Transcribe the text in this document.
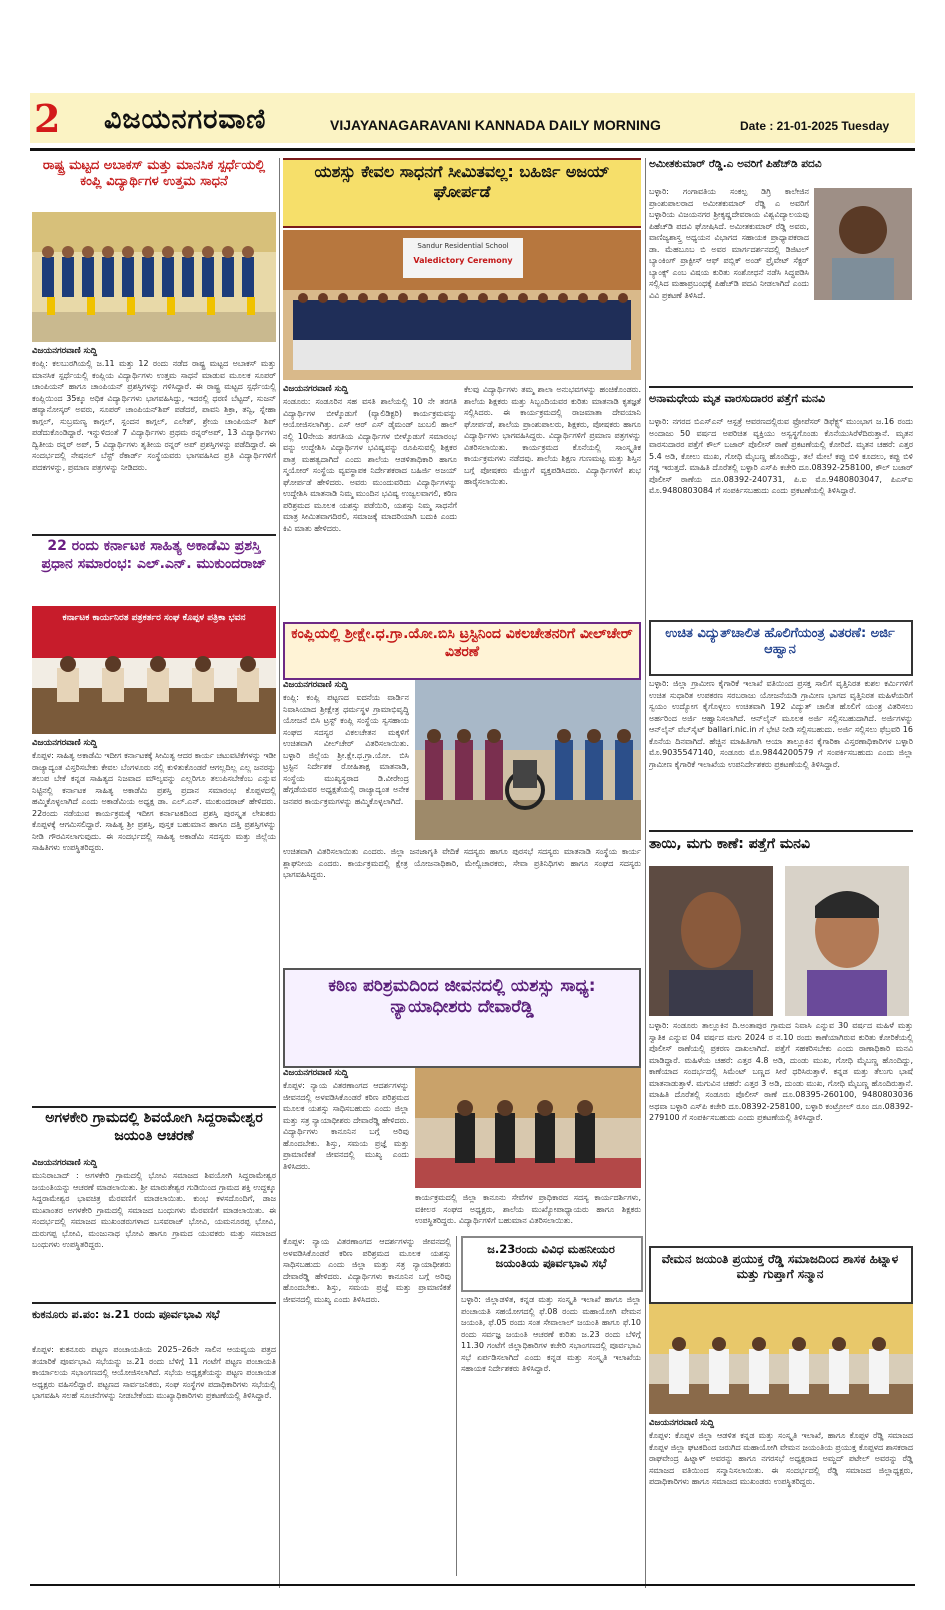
2 ವಿಜಯನಗರವಾಣಿ	VIJAYANAGARAVANI KANNADA DAILY MORNING	Date : 21-01-2025 Tuesday
ರಾಷ್ಟ್ರ ಮಟ್ಟದ ಅಬಾಕಸ್ ಮತ್ತು ಮಾನಸಿಕ ಸ್ಪರ್ಧೆಯಲ್ಲಿ ಕಂಪ್ಲಿ ವಿದ್ಯಾರ್ಥಿಗಳ ಉತ್ತಮ ಸಾಧನೆ
ವಿಜಯನಗರವಾಣಿ ಸುದ್ದಿ
ಕಂಪ್ಲಿ: ಕಲಬುರಗಿಯಲ್ಲಿ ಜ.11 ಮತ್ತು 12 ರಂದು ನಡೆದ ರಾಷ್ಟ್ರ ಮಟ್ಟದ ಅಬಾಕಸ್ ಮತ್ತು ಮಾನಸಿಕ ಸ್ಪರ್ಧೆಯಲ್ಲಿ ಕಂಪ್ಲಿಯ ವಿದ್ಯಾರ್ಥಿಗಳು ಉತ್ತಮ ಸಾಧನೆ ಮಾಡುವ ಮೂಲಕ ಸೂಪರ್ ಚಾಂಪಿಯನ್ ಹಾಗೂ ಚಾಂಪಿಯನ್ ಪ್ರಶಸ್ತಿಗಳನ್ನು ಗಳಿಸಿದ್ದಾರೆ. ಈ ರಾಷ್ಟ್ರ ಮಟ್ಟದ ಸ್ಪರ್ಧೆಯಲ್ಲಿ ಕಂಪ್ಲಿಯಿಂದ 35ಕ್ಕೂ ಅಧಿಕ ವಿದ್ಯಾರ್ಥಿಗಳು ಭಾಗವಹಿಸಿದ್ದು, ಇದರಲ್ಲಿ ಧರಣಿ ಬೆಟ್ಟದ್, ಸುಜನ್ ಹವ್ಯಾನೋಸ್ಕರ್ ಅವರು, ಸೂಪರ್ ಚಾಂಪಿಯನ್‌ಶಿಪ್ ಪಡೆದರೆ, ಪಾವನಿ ಶಿಕ್ರಾ, ತನ್ವಿ, ಸ್ನೇಹಾ ಕಾಗ್ಗಲ್, ಸುಬ್ರಮಣ್ಯ ಕಾಗ್ಗಲ್, ಸ್ಪಂದನ ಕಾಗ್ಗಲ್, ಎಲೇಶ್, ಶ್ರೇಯ ಚಾಂಪಿಯನ್ ಶಿಪ್ ಪಡೆದುಕೊಂಡಿದ್ದಾರೆ. ಇನ್ನುಳಿದಂತೆ 7 ವಿದ್ಯಾರ್ಥಿಗಳು ಪ್ರಥಮ ರನ್ನರ್‌ಅಪ್, 13 ವಿದ್ಯಾರ್ಥಿಗಳು ದ್ವಿತೀಯ ರನ್ನರ್ ಅಪ್, 5 ವಿದ್ಯಾರ್ಥಿಗಳು ತೃತೀಯ ರನ್ನರ್ ಅಪ್ ಪ್ರಶಸ್ತಿಗಳನ್ನು ಪಡೆದಿದ್ದಾರೆ. ಈ ಸಂದರ್ಭದಲ್ಲಿ ನೇಷನಲ್ ಬೆಸ್ಟ್ ರೆಕಾರ್ಡ್ ಸಂಸ್ಥೆಯವರು ಭಾಗವಹಿಸಿದ ಪ್ರತಿ ವಿದ್ಯಾರ್ಥಿಗಳಿಗೆ ಪದಕಗಳನ್ನು, ಪ್ರಮಾಣ ಪತ್ರಗಳನ್ನು ನೀಡಿದರು.
22 ರಂದು ಕರ್ನಾಟಕ ಸಾಹಿತ್ಯ ಅಕಾಡೆಮಿ ಪ್ರಶಸ್ತಿ ಪ್ರಧಾನ ಸಮಾರಂಭ: ಎಲ್.ಎನ್. ಮುಕುಂದರಾಜ್
ಕರ್ನಾಟಕ ಕಾರ್ಯನಿರತ ಪತ್ರಕರ್ತರ ಸಂಘ ಕೊಪ್ಪಳ ಪತ್ರಿಕಾ ಭವನ
ವಿಜಯನಗರವಾಣಿ ಸುದ್ದಿ
ಕೊಪ್ಪಳ: ಸಾಹಿತ್ಯ ಅಕಾಡೆಮಿ ಇದೀಗ ಕರ್ನಾಟಕಕ್ಕೆ ಸೀಮಿತ್ಯ ಆದರ ಕಾರ್ಯ ಚಟುವಟಿಕೆಗಳನ್ನು ಇಡೀ ರಾಜ್ಯಾದ್ಯಂತ ವಿಸ್ತರಿಸಬೇಕು ಕೇವಲ ಬೆಂಗಳೂರು ನಲ್ಲಿ ಕುಳಿತುಕೊಂಡರೆ ಆಗಲ್ಲದಿಲ್ಲ ಎಲ್ಲ ಜನರನ್ನು ತಲುಪ ಬೇಕೆ ಕನ್ನಡ ಸಾಹಿತ್ಯದ ನಿಜವಾದ ಮೌಲ್ಯವನ್ನು ಎಲ್ಲರಿಗೂ ತಲುಪಿಸಬೇಕೆಂಬ ಎನ್ನುವ ನಿಟ್ಟಿನಲ್ಲಿ ಕರ್ನಾಟಕ ಸಾಹಿತ್ಯ ಅಕಾಡೆಮಿ ಪ್ರಶಸ್ತಿ ಪ್ರದಾನ ಸಮಾರಂಭ ಕೊಪ್ಪಳದಲ್ಲಿ ಹಮ್ಮಿಕೊಳ್ಳಲಾಗಿದೆ ಎಂದು ಅಕಾಡೆಮಿಯ ಅಧ್ಯಕ್ಷ ಡಾ. ಎಲ್.ಎನ್. ಮುಕುಂದರಾಜ್ ಹೇಳಿದರು. 22ರಂದು ನಡೆಯುವ ಕಾರ್ಯಕ್ರಮಕ್ಕೆ ಇದೀಗ ಕರ್ನಾಟಕದಿಂದ ಪ್ರಶಸ್ತಿ ಪುರಸ್ಕೃತ ಲೇಖಕರು ಕೊಪ್ಪಳಕ್ಕೆ ಆಗಮಿಸಲಿದ್ದಾರೆ. ಸಾಹಿತ್ಯ ಶ್ರೀ ಪ್ರಶಸ್ತಿ, ಪುಸ್ತಕ ಬಹುಮಾನ ಹಾಗೂ ದತ್ತಿ ಪ್ರಶಸ್ತಿಗಳನ್ನು ನೀಡಿ ಗೌರವಿಸಲಾಗುವುದು. ಈ ಸಂದರ್ಭದಲ್ಲಿ ಸಾಹಿತ್ಯ ಅಕಾಡೆಮಿ ಸದಸ್ಯರು ಮತ್ತು ಜಿಲ್ಲೆಯ ಸಾಹಿತಿಗಳು ಉಪಸ್ಥಿತರಿದ್ದರು.
ಅಗಳಕೇರಿ ಗ್ರಾಮದಲ್ಲಿ ಶಿವಯೋಗಿ ಸಿದ್ದರಾಮೇಶ್ವರ ಜಯಂತಿ ಆಚರಣೆ
ವಿಜಯನಗರವಾಣಿ ಸುದ್ದಿ
ಮುನಿರಾಬಾದ್ : ಅಗಳಕೇರಿ ಗ್ರಾಮದಲ್ಲಿ ಭೋವಿ ಸಮಾಜದ ಶಿವಯೋಗಿ ಸಿದ್ದರಾಮೇಶ್ವರ ಜಯಂತಿಯನ್ನು ಆಚರಣೆ ಮಾಡಲಾಯಿತು. ಶ್ರೀ ಮಾರುತೇಶ್ವರ ಗುಡಿಯಿಂದ ಗ್ರಾಮದ ಶಕ್ತಿ ಉದ್ದಕ್ಕೂ ಸಿದ್ದರಾಮೇಶ್ವರ ಭಾವಚಿತ್ರ ಮೆರವಣಿಗೆ ಮಾಡಲಾಯಿತು. ಕುಂಭ ಕಳಸದೊಂದಿಗೆ, ಡಾಜ ಮುಖಾಂತರ ಅಗಳಕೇರಿ ಗ್ರಾಮದಲ್ಲಿ ಸಮಾಜದ ಬಂಧುಗಳು ಮೆರವಣಿಗೆ ಮಾಡಲಾಯಿತು. ಈ ಸಂದರ್ಭದಲ್ಲಿ ಸಮಾಜದ ಮುಖಂಡರುಗಳಾದ ಬಸವರಾಜ್ ಭೋವಿ, ಯಮನೂರಪ್ಪ ಭೋವಿ, ದುರುಗಪ್ಪ ಭೋವಿ, ಮಂಜುನಾಥ ಭೋವಿ ಹಾಗೂ ಗ್ರಾಮದ ಯುವಕರು ಮತ್ತು ಸಮಾಜದ ಬಂಧುಗಳು ಉಪಸ್ಥಿತರಿದ್ದರು.
ಕುಕನೂರು ಪ.ಪಂ: ಜ.21 ರಂದು ಪೂರ್ವಭಾವಿ ಸಭೆ
ಕೊಪ್ಪಳ: ಕುಕನೂರು ಪಟ್ಟಣ ಪಂಚಾಯತಿಯ 2025–26ನೇ ಸಾಲಿನ ಆಯವ್ಯಯ ಪತ್ರದ ತಯಾರಿಕೆ ಪೂರ್ವಭಾವಿ ಸಭೆಯನ್ನು ಜ.21 ರಂದು ಬೆಳಿಗ್ಗೆ 11 ಗಂಟೆಗೆ ಪಟ್ಟಣ ಪಂಚಾಯತಿ ಕಾರ್ಯಾಲಯ ಸಭಾಂಗಣದಲ್ಲಿ ಆಯೋಜಿಸಲಾಗಿದೆ. ಸಭೆಯ ಅಧ್ಯಕ್ಷತೆಯನ್ನು ಪಟ್ಟಣ ಪಂಚಾಯತ ಅಧ್ಯಕ್ಷರು ವಹಿಸಲಿದ್ದಾರೆ. ಪಟ್ಟಣದ ಸಾರ್ವಜನಿಕರು, ಸಂಘ ಸಂಸ್ಥೆಗಳ ಪದಾಧಿಕಾರಿಗಳು ಸಭೆಯಲ್ಲಿ ಭಾಗವಹಿಸಿ ಸಲಹೆ ಸೂಚನೆಗಳನ್ನು ನೀಡಬೇಕೆಂದು ಮುಖ್ಯಾಧಿಕಾರಿಗಳು ಪ್ರಕಟಣೆಯಲ್ಲಿ ತಿಳಿಸಿದ್ದಾರೆ.
ಯಶಸ್ಸು ಕೇವಲ ಸಾಧನಗೆ ಸೀಮಿತವಲ್ಲ: ಬಹಿರ್ಜಿ ಅಜಯ್ ಘೋರ್ಪಡೆ
Sandur Residential School
Valedictory Ceremony
ವಿಜಯನಗರವಾಣಿ ಸುದ್ದಿ
ಸಂಡೂರು: ಸಂಡೂರಿನ ಸಹ ವಸತಿ ಶಾಲೆಯಲ್ಲಿ 10 ನೇ ತರಗತಿ ವಿದ್ಯಾರ್ಥಿಗಳ ಬೀಳ್ಕೊಡುಗೆ (ವ್ಯಾಲಿಡಿಕ್ಟರಿ) ಕಾರ್ಯಕ್ರಮವನ್ನು ಆಯೋಜಿಸಲಾಗಿತ್ತು. ಎಸ್ ಆರ್ ಎಸ್ ಡೈಮಂಡ್ ಜುಬಲಿ ಹಾಲ್ ನಲ್ಲಿ 10ನೇಯ ತರಗತಿಯ ವಿದ್ಯಾರ್ಥಿಗಳ ಬೀಳ್ಕೊಡುಗೆ ಸಮಾರಂಭ ವನ್ನು ಉದ್ದೇಶಿಸಿ ವಿದ್ಯಾರ್ಥಿಗಳ ಭವಿಷ್ಯವನ್ನು ರೂಪಿಸುವಲ್ಲಿ ಶಿಕ್ಷಕರ ಪಾತ್ರ ಮಹತ್ವದಾಗಿದೆ ಎಂದು ಶಾಲೆಯ ಆಡಳಿತಾಧಿಕಾರಿ ಹಾಗೂ ಸ್ಮಯೋರ್ ಸಂಸ್ಥೆಯ ವ್ಯವಸ್ಥಾಪಕ ನಿರ್ದೇಶಕರಾದ ಬಹಿರ್ಜಿ ಅಜಯ್ ಘೋರ್ಪಡೆ ಹೇಳಿದರು. ಅವರು ಮುಂದುವರಿದು ವಿದ್ಯಾರ್ಥಿಗಳನ್ನು ಉದ್ದೇಶಿಸಿ ಮಾತನಾಡಿ ನಿಮ್ಮ ಮುಂದಿನ ಭವಿಷ್ಯ ಉಜ್ವಲವಾಗಲಿ, ಕಠಿಣ ಪರಿಶ್ರಮದ ಮೂಲಕ ಯಶಸ್ಸು ಪಡೆಯಿರಿ, ಯಶಸ್ಸು ನಿಮ್ಮ ಸಾಧನೆಗೆ ಮಾತ್ರ ಸೀಮಿತವಾಗದಿರಲಿ, ಸಮಾಜಕ್ಕೆ ಮಾದರಿಯಾಗಿ ಬದುಕಿ ಎಂದು ಕಿವಿ ಮಾತು ಹೇಳಿದರು.
ಕೆಲವು ವಿದ್ಯಾರ್ಥಿಗಳು ತಮ್ಮ ಶಾಲಾ ಅನುಭವಗಳನ್ನು ಹಂಚಿಕೊಂಡರು. ಶಾಲೆಯ ಶಿಕ್ಷಕರು ಮತ್ತು ಸಿಬ್ಬಂದಿಯವರ ಕುರಿತು ಮಾತನಾಡಿ ಕೃತಜ್ಞತೆ ಸಲ್ಲಿಸಿದರು. ಈ ಕಾರ್ಯಕ್ರಮದಲ್ಲಿ ರಾಜಮಾತಾ ದೇವಯಾನಿ ಘೋರ್ಪಡೆ, ಶಾಲೆಯ ಪ್ರಾಂಶುಪಾಲರು, ಶಿಕ್ಷಕರು, ಪೋಷಕರು ಹಾಗೂ ವಿದ್ಯಾರ್ಥಿಗಳು ಭಾಗವಹಿಸಿದ್ದರು. ವಿದ್ಯಾರ್ಥಿಗಳಿಗೆ ಪ್ರಮಾಣ ಪತ್ರಗಳನ್ನು ವಿತರಿಸಲಾಯಿತು. ಕಾರ್ಯಕ್ರಮದ ಕೊನೆಯಲ್ಲಿ ಸಾಂಸ್ಕೃತಿಕ ಕಾರ್ಯಕ್ರಮಗಳು ನಡೆದವು. ಶಾಲೆಯ ಶಿಕ್ಷಣ ಗುಣಮಟ್ಟ ಮತ್ತು ಶಿಸ್ತಿನ ಬಗ್ಗೆ ಪೋಷಕರು ಮೆಚ್ಚುಗೆ ವ್ಯಕ್ತಪಡಿಸಿದರು. ವಿದ್ಯಾರ್ಥಿಗಳಿಗೆ ಶುಭ ಹಾರೈಸಲಾಯಿತು.
ಕಂಪ್ಲಿಯಲ್ಲಿ ಶ್ರೀಕ್ಷೇ.ಧ.ಗ್ರಾ.ಯೋ.ಬಿಸಿ ಟ್ರಸ್ಟಿನಿಂದ ವಿಕಲಚೇತನರಿಗೆ ವೀಲ್‌ಚೇರ್ ವಿತರಣೆ
ವಿಜಯನಗರವಾಣಿ ಸುದ್ದಿ
ಕಂಪ್ಲಿ: ಕಂಪ್ಲಿ ಪಟ್ಟಣದ ಐದನೆಯ ವಾರ್ಡಿನ ನಿವಾಸಿಯಾದ ಶ್ರೀಕ್ಷೇತ್ರ ಧರ್ಮಸ್ಥಳ ಗ್ರಾಮಾಭಿವೃದ್ಧಿ ಯೋಜನೆ ಬಿಸಿ ಟ್ರಸ್ಟ್ ಕಂಪ್ಲಿ ಸಂಸ್ಥೆಯ ಸ್ವಸಹಾಯ ಸಂಘದ ಸದಸ್ಯರ ವಿಕಲಚೇತನ ಮಕ್ಕಳಿಗೆ ಉಚಿತವಾಗಿ ವೀಲ್‌ಚೇರ್ ವಿತರಿಸಲಾಯಿತು. ಬಳ್ಳಾರಿ ಜಿಲ್ಲೆಯ ಶ್ರೀ.ಕ್ಷೇ.ಧ.ಗ್ರಾ.ಯೋ. ಬಿಸಿ ಟ್ರಸ್ಟಿನ ನಿರ್ದೇಶಕ ರೋಹಿತಾಕ್ಷ ಮಾತನಾಡಿ, ಸಂಸ್ಥೆಯ ಮುಖ್ಯಸ್ಥರಾದ ಡಿ.ವೀರೇಂದ್ರ ಹೆಗ್ಗಡೆಯವರ ಅಧ್ಯಕ್ಷತೆಯಲ್ಲಿ ರಾಜ್ಯಾದ್ಯಂತ ಅನೇಕ ಜನಪರ ಕಾರ್ಯಕ್ರಮಗಳನ್ನು ಹಮ್ಮಿಕೊಳ್ಳಲಾಗಿದೆ.
ಉಚಿತವಾಗಿ ವಿತರಿಸಲಾಯಿತು ಎಂದರು. ಜಿಲ್ಲಾ ಜನಜಾಗೃತಿ ವೇದಿಕೆ ಸದಸ್ಯರು ಹಾಗೂ ಪುರಸಭೆ ಸದಸ್ಯರು ಮಾತನಾಡಿ ಸಂಸ್ಥೆಯ ಕಾರ್ಯ ಶ್ಲಾಘನೀಯ ಎಂದರು. ಕಾರ್ಯಕ್ರಮದಲ್ಲಿ ಕ್ಷೇತ್ರ ಯೋಜನಾಧಿಕಾರಿ, ಮೇಲ್ವಿಚಾರಕರು, ಸೇವಾ ಪ್ರತಿನಿಧಿಗಳು ಹಾಗೂ ಸಂಘದ ಸದಸ್ಯರು ಭಾಗವಹಿಸಿದ್ದರು.
ಕಠಿಣ ಪರಿಶ್ರಮದಿಂದ ಜೀವನದಲ್ಲಿ ಯಶಸ್ಸು ಸಾಧ್ಯ: ನ್ಯಾಯಾಧೀಶರು ದೇವಾರೆಡ್ಡಿ
ವಿಜಯನಗರವಾಣಿ ಸುದ್ದಿ
ಕೊಪ್ಪಳ: ನ್ಯಾಯ ವಿತರಣಾಂಗದ ಆದರ್ಶಗಳನ್ನು ಜೀವನದಲ್ಲಿ ಅಳವಡಿಸಿಕೊಂಡರೆ ಕಠಿಣ ಪರಿಶ್ರಮದ ಮೂಲಕ ಯಶಸ್ಸು ಸಾಧಿಸಬಹುದು ಎಂದು ಜಿಲ್ಲಾ ಮತ್ತು ಸತ್ರ ನ್ಯಾಯಾಧೀಶರು ದೇವಾರೆಡ್ಡಿ ಹೇಳಿದರು. ವಿದ್ಯಾರ್ಥಿಗಳು ಕಾನೂನಿನ ಬಗ್ಗೆ ಅರಿವು ಹೊಂದಬೇಕು. ಶಿಸ್ತು, ಸಮಯ ಪ್ರಜ್ಞೆ ಮತ್ತು ಪ್ರಾಮಾಣಿಕತೆ ಜೀವನದಲ್ಲಿ ಮುಖ್ಯ ಎಂದು ತಿಳಿಸಿದರು.
ಕಾರ್ಯಕ್ರಮದಲ್ಲಿ ಜಿಲ್ಲಾ ಕಾನೂನು ಸೇವೆಗಳ ಪ್ರಾಧಿಕಾರದ ಸದಸ್ಯ ಕಾರ್ಯದರ್ಶಿಗಳು, ವಕೀಲರ ಸಂಘದ ಅಧ್ಯಕ್ಷರು, ಶಾಲೆಯ ಮುಖ್ಯೋಪಾಧ್ಯಾಯರು ಹಾಗೂ ಶಿಕ್ಷಕರು ಉಪಸ್ಥಿತರಿದ್ದರು. ವಿದ್ಯಾರ್ಥಿಗಳಿಗೆ ಬಹುಮಾನ ವಿತರಿಸಲಾಯಿತು.
ಕೊಪ್ಪಳ: ನ್ಯಾಯ ವಿತರಣಾಂಗದ ಆದರ್ಶಗಳನ್ನು ಜೀವನದಲ್ಲಿ ಅಳವಡಿಸಿಕೊಂಡರೆ ಕಠಿಣ ಪರಿಶ್ರಮದ ಮೂಲಕ ಯಶಸ್ಸು ಸಾಧಿಸಬಹುದು ಎಂದು ಜಿಲ್ಲಾ ಮತ್ತು ಸತ್ರ ನ್ಯಾಯಾಧೀಶರು ದೇವಾರೆಡ್ಡಿ ಹೇಳಿದರು. ವಿದ್ಯಾರ್ಥಿಗಳು ಕಾನೂನಿನ ಬಗ್ಗೆ ಅರಿವು ಹೊಂದಬೇಕು. ಶಿಸ್ತು, ಸಮಯ ಪ್ರಜ್ಞೆ ಮತ್ತು ಪ್ರಾಮಾಣಿಕತೆ ಜೀವನದಲ್ಲಿ ಮುಖ್ಯ ಎಂದು ತಿಳಿಸಿದರು.
ಜ.23ರಂದು ವಿವಿಧ ಮಹನೀಯರ ಜಯಂತಿಯ ಪೂರ್ವಭಾವಿ ಸಭೆ
ಬಳ್ಳಾರಿ: ಜಿಲ್ಲಾಡಳಿತ, ಕನ್ನಡ ಮತ್ತು ಸಂಸ್ಕೃತಿ ಇಲಾಖೆ ಹಾಗೂ ಜಿಲ್ಲಾ ಪಂಚಾಯತಿ ಸಹಯೋಗದಲ್ಲಿ ಫೆ.08 ರಂದು ಮಹಾಯೋಗಿ ವೇಮನ ಜಯಂತಿ, ಫೆ.05 ರಂದು ಸಂತ ಸೇವಾಲಾಲ್ ಜಯಂತಿ ಹಾಗೂ ಫೆ.10 ರಂದು ಸರ್ವಜ್ಞ ಜಯಂತಿ ಆಚರಣೆ ಕುರಿತು ಜ.23 ರಂದು ಬೆಳಿಗ್ಗೆ 11.30 ಗಂಟೆಗೆ ಜಿಲ್ಲಾಧಿಕಾರಿಗಳ ಕಚೇರಿ ಸಭಾಂಗಣದಲ್ಲಿ ಪೂರ್ವಭಾವಿ ಸಭೆ ಏರ್ಪಡಿಸಲಾಗಿದೆ ಎಂದು ಕನ್ನಡ ಮತ್ತು ಸಂಸ್ಕೃತಿ ಇಲಾಖೆಯ ಸಹಾಯಕ ನಿರ್ದೇಶಕರು ತಿಳಿಸಿದ್ದಾರೆ.
ಅಮೀತಕುಮಾರ್ ರೆಡ್ಡಿ.ಎ ಅವರಿಗೆ ಪಿಹೆಚ್‌ಡಿ ಪದವಿ
ಬಳ್ಳಾರಿ: ಗಂಗಾವತಿಯ ಸಂಕಲ್ಪ ಡಿಗ್ರಿ ಕಾಲೇಜಿನ ಪ್ರಾಂಶುಪಾಲರಾದ ಅಮೀತಕುಮಾರ್ ರೆಡ್ಡಿ ಎ ಅವರಿಗೆ ಬಳ್ಳಾರಿಯ ವಿಜಯನಗರ ಶ್ರೀಕೃಷ್ಣದೇವರಾಯ ವಿಶ್ವವಿದ್ಯಾಲಯವು ಪಿಹೆಚ್‌ಡಿ ಪದವಿ ಘೋಷಿಸಿದೆ. ಅಮೀತಕುಮಾರ್ ರೆಡ್ಡಿ ಅವರು, ವಾಣಿಜ್ಯಶಾಸ್ತ್ರ ಅಧ್ಯಯನ ವಿಭಾಗದ ಸಹಾಯಕ ಪ್ರಾಧ್ಯಾಪಕರಾದ ಡಾ. ಮೆಹಬೂಬ ಬಿ ಅವರ ಮಾರ್ಗದರ್ಶನದಲ್ಲಿ ಡಿಜಿಟಲ್ ಬ್ಯಾಂಕಿಂಗ್ ಪ್ರಾಕ್ಟೀಸ್ ಆಫ್ ಪಬ್ಲಿಕ್ ಅಂಡ್ ಪ್ರೈವೇಟ್ ಸೆಕ್ಟರ್ ಬ್ಯಾಂಕ್ಸ್ ಎಂಬ ವಿಷಯ ಕುರಿತು ಸಂಶೋಧನೆ ನಡೆಸಿ ಸಿದ್ಧಪಡಿಸಿ ಸಲ್ಲಿಸಿದ ಮಹಾಪ್ರಬಂಧಕ್ಕೆ ಪಿಹೆಚ್‌ಡಿ ಪದವಿ ನೀಡಲಾಗಿದೆ ಎಂದು ವಿವಿ ಪ್ರಕಟಣೆ ತಿಳಿಸಿದೆ.
ಅನಾಮಧೇಯ ಮೃತ ವಾರಸುದಾರರ ಪತ್ತೆಗೆ ಮನವಿ
ಬಳ್ಳಾರಿ: ನಗರದ ಬಿಎಸ್ಎನ್ ಆಸ್ಪತ್ರೆ ಆವರಣದಲ್ಲಿರುವ ಫ್ರೋಪೆಸರ್ ಡಿಫೆಕ್ಟ್ಸ್ ಮುಂಭಾಗ ಜ.16 ರಂದು ಅಂದಾಜು 50 ವರ್ಷದ ಅಪರಿಚಿತ ವ್ಯಕ್ತಿಯು ಅಸ್ವಸ್ಥಗೊಂಡು ಕೊನೆಯುಸಿರೆಳೆದಿರುತ್ತಾನೆ. ಮೃತನ ವಾರಸುದಾರರ ಪತ್ತೆಗೆ ಕೌಲ್ ಬಜಾರ್ ಪೊಲೀಸ್ ಠಾಣೆ ಪ್ರಕಟಣೆಯಲ್ಲಿ ಕೋರಿದೆ. ಮೃತನ ಚಹರೆ: ಎತ್ತರ 5.4 ಅಡಿ, ಕೋಲು ಮುಖ, ಗೋಧಿ ಮೈಬಣ್ಣ ಹೊಂದಿದ್ದು, ತಲೆ ಮೇಲೆ ಕಪ್ಪು ಬಿಳಿ ಕೂದಲು, ಕಪ್ಪು ಬಿಳಿ ಗಡ್ಡ ಇರುತ್ತದೆ. ಮಾಹಿತಿ ದೊರೆತಲ್ಲಿ ಬಳ್ಳಾರಿ ಎಸ್‌ಪಿ ಕಚೇರಿ ದೂ.08392-258100, ಕೌಲ್ ಬಜಾರ್ ಪೊಲೀಸ್ ಠಾಣೆಯ ದೂ.08392-240731, ಪಿ.ಐ ಮೊ.9480803047, ಪಿಎಸ್‌ಐ ಮೊ.9480803084 ಗೆ ಸಂಪರ್ಕಿಸಬಹುದು ಎಂದು ಪ್ರಕಟಣೆಯಲ್ಲಿ ತಿಳಿಸಿದ್ದಾರೆ.
ಉಚಿತ ವಿದ್ಯುತ್‌ಚಾಲಿತ ಹೊಲಿಗೆಯಂತ್ರ ವಿತರಣೆ: ಅರ್ಜಿ ಆಹ್ವಾನ
ಬಳ್ಳಾರಿ: ಜಿಲ್ಲಾ ಗ್ರಾಮೀಣ ಕೈಗಾರಿಕೆ ಇಲಾಖೆ ವತಿಯಿಂದ ಪ್ರಸಕ್ತ ಸಾಲಿಗೆ ವೃತ್ತಿನಿರತ ಕುಶಲ ಕರ್ಮಿಗಳಿಗೆ ಉಚಿತ ಸುಧಾರಿತ ಉಪಕರಣ ಸರಬರಾಜು ಯೋಜನೆಯಡಿ ಗ್ರಾಮೀಣ ಭಾಗದ ವೃತ್ತಿನಿರತ ಮಹಿಳೆಯರಿಗೆ ಸ್ವಯಂ ಉದ್ಯೋಗ ಕೈಗೊಳ್ಳಲು ಉಚಿತವಾಗಿ 192 ವಿದ್ಯುತ್ ಚಾಲಿತ ಹೊಲಿಗೆ ಯಂತ್ರ ವಿತರಿಸಲು ಅರ್ಹರಿಂದ ಅರ್ಜಿ ಆಹ್ವಾನಿಸಲಾಗಿದೆ. ಆನ್‌ಲೈನ್ ಮೂಲಕ ಅರ್ಜಿ ಸಲ್ಲಿಸಬಹುದಾಗಿದೆ. ಅರ್ಜಿಗಳನ್ನು ಆನ್‌ಲೈನ್ ವೆಬ್‌ಸೈಟ್ ballari.nic.in ಗೆ ಭೇಟಿ ನೀಡಿ ಸಲ್ಲಿಸಬಹುದು. ಅರ್ಜಿ ಸಲ್ಲಿಸಲು ಫೆಬ್ರವರಿ 16 ಕೊನೆಯ ದಿನವಾಗಿದೆ. ಹೆಚ್ಚಿನ ಮಾಹಿತಿಗಾಗಿ ಆಯಾ ತಾಲ್ಲೂಕಿನ ಕೈಗಾರಿಕಾ ವಿಸ್ತರಣಾಧಿಕಾರಿಗಳ ಬಳ್ಳಾರಿ ಮೊ.9035547140, ಸಂಡೂರು ಮೊ.9844200579 ಗೆ ಸಂಪರ್ಕಿಸಬಹುದು ಎಂದು ಜಿಲ್ಲಾ ಗ್ರಾಮೀಣ ಕೈಗಾರಿಕೆ ಇಲಾಖೆಯ ಉಪನಿರ್ದೇಶಕರು ಪ್ರಕಟಣೆಯಲ್ಲಿ ತಿಳಿಸಿದ್ದಾರೆ.
ತಾಯಿ, ಮಗು ಕಾಣೆ: ಪತ್ತೆಗೆ ಮನವಿ
ಬಳ್ಳಾರಿ: ಸಂಡೂರು ತಾಲ್ಲೂಕಿನ ದಿ.ಅಂತಾಪುರ ಗ್ರಾಮದ ನಿವಾಸಿ ಎನ್ನುವ 30 ವರ್ಷದ ಮಹಿಳೆ ಮತ್ತು ಸ್ವಾತಿಕ ಎನ್ನುವ 04 ವರ್ಷದ ಮಗು 2024 ರ ನ.10 ರಂದು ಕಾಣೆಯಾಗಿರುವ ಕುರಿತು ಕೋರಿಕೆಯಲ್ಲಿ ಪೊಲೀಸ್ ಠಾಣೆಯಲ್ಲಿ ಪ್ರಕರಣ ದಾಖಲಾಗಿದೆ. ಪತ್ತೆಗೆ ಸಹಕರಿಸಬೇಕು ಎಂದು ಠಾಣಾಧಿಕಾರಿ ಮನವಿ ಮಾಡಿದ್ದಾರೆ. ಮಹಿಳೆಯ ಚಹರೆ: ಎತ್ತರ 4.8 ಅಡಿ, ದುಂಡು ಮುಖ, ಗೋಧಿ ಮೈಬಣ್ಣ ಹೊಂದಿದ್ದು, ಕಾಣೆಯಾದ ಸಂದರ್ಭದಲ್ಲಿ ಸಿಮೆಂಟ್ ಬಣ್ಣದ ಸೀರೆ ಧರಿಸಿರುತ್ತಾಳೆ. ಕನ್ನಡ ಮತ್ತು ತೆಲುಗು ಭಾಷೆ ಮಾತನಾಡುತ್ತಾಳೆ. ಮಗುವಿನ ಚಹರೆ: ಎತ್ತರ 3 ಅಡಿ, ದುಂಡು ಮುಖ, ಗೋಧಿ ಮೈಬಣ್ಣ ಹೊಂದಿರುತ್ತಾನೆ. ಮಾಹಿತಿ ದೊರೆತಲ್ಲಿ ಸಂಡೂರು ಪೊಲೀಸ್ ಠಾಣೆ ದೂ.08395-260100, 9480803036 ಅಥವಾ ಬಳ್ಳಾರಿ ಎಸ್‌ಪಿ ಕಚೇರಿ ದೂ.08392-258100, ಬಳ್ಳಾರಿ ಕಂಟ್ರೋಲ್ ರೂಂ ದೂ.08392-279100 ಗೆ ಸಂಪರ್ಕಿಸಬಹುದು ಎಂದು ಪ್ರಕಟಣೆಯಲ್ಲಿ ತಿಳಿಸಿದ್ದಾರೆ.
ವೇಮನ ಜಯಂತಿ ಪ್ರಯುಕ್ತ ರೆಡ್ಡಿ ಸಮಾಜದಿಂದ ಶಾಸಕ ಹಿಟ್ನಾಳ ಮತ್ತು ಗುಪ್ತಾಗೆ ಸನ್ಮಾನ
ವಿಜಯನಗರವಾಣಿ ಸುದ್ದಿ
ಕೊಪ್ಪಳ: ಕೊಪ್ಪಳ ಜಿಲ್ಲಾ ಆಡಳಿತ ಕನ್ನಡ ಮತ್ತು ಸಂಸ್ಕೃತಿ ಇಲಾಖೆ, ಹಾಗೂ ಕೊಪ್ಪಳ ರೆಡ್ಡಿ ಸಮಾಜದ ಕೊಪ್ಪಳ ಜಿಲ್ಲಾ ಘಟಕದಿಂದ ಜರುಗಿದ ಮಹಾಯೋಗಿ ವೇಮನ ಜಯಂತಿಯ ಪ್ರಯುಕ್ತ ಕೊಪ್ಪಳದ ಶಾಸಕರಾದ ರಾಘವೇಂದ್ರ ಹಿಟ್ನಾಳ್ ಅವರನ್ನು ಹಾಗೂ ನಗರಸಭೆ ಅಧ್ಯಕ್ಷರಾದ ಅಮ್ಜದ್ ಪಟೇಲ್ ಅವರನ್ನು ರೆಡ್ಡಿ ಸಮಾಜದ ವತಿಯಿಂದ ಸನ್ಮಾನಿಸಲಾಯಿತು. ಈ ಸಂದರ್ಭದಲ್ಲಿ ರೆಡ್ಡಿ ಸಮಾಜದ ಜಿಲ್ಲಾಧ್ಯಕ್ಷರು, ಪದಾಧಿಕಾರಿಗಳು ಹಾಗೂ ಸಮಾಜದ ಮುಖಂಡರು ಉಪಸ್ಥಿತರಿದ್ದರು.
